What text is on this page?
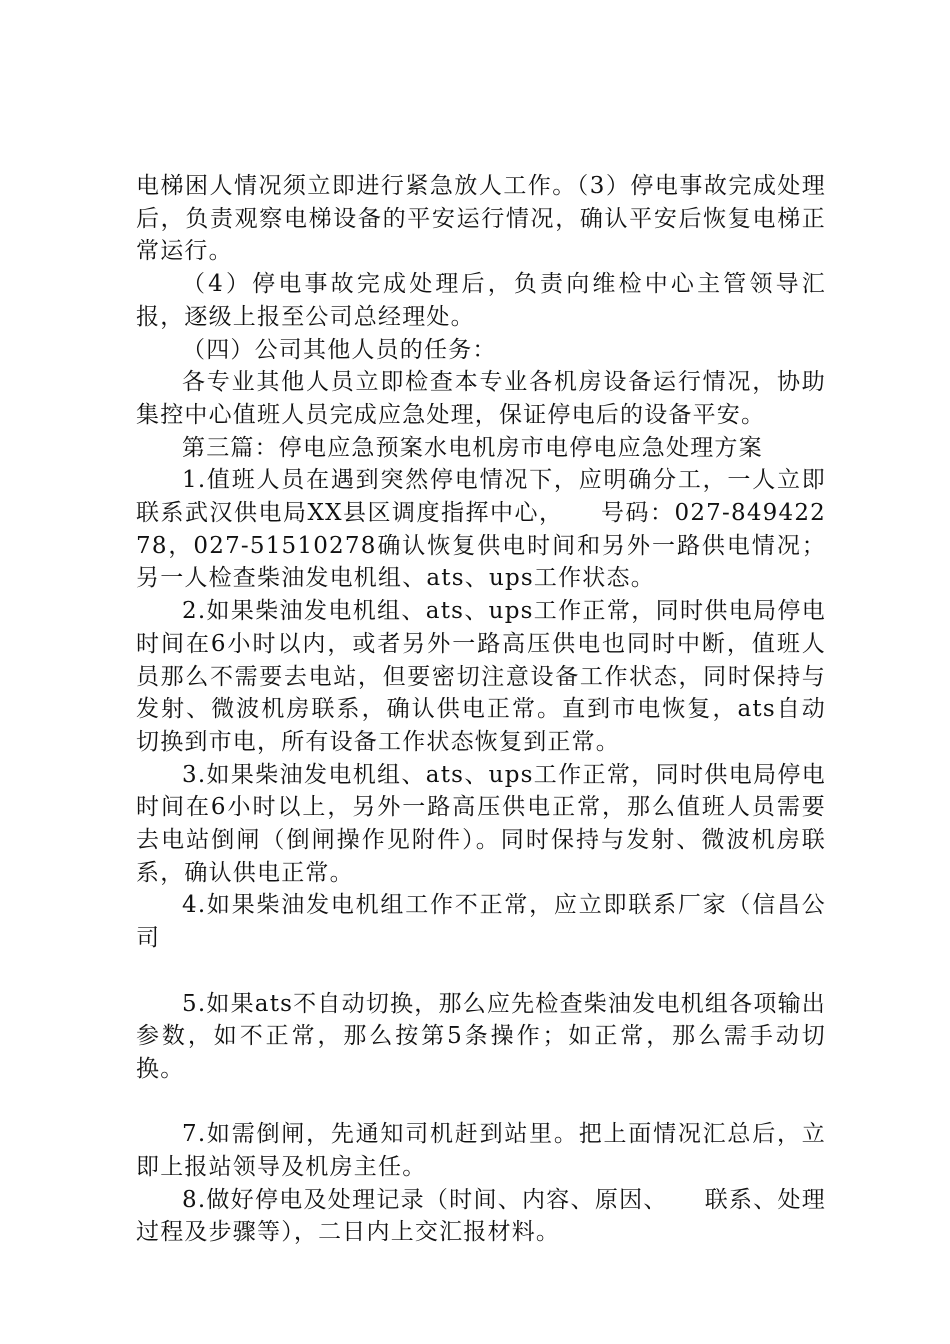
电梯困人情况须立即进行紧急放人工作。（3）停电事故完成处理后，负责观察电梯设备的平安运行情况，确认平安后恢复电梯正常运行。

（4）停电事故完成处理后，负责向维检中心主管领导汇报，逐级上报至公司总经理处。

（四）公司其他人员的任务：

各专业其他人员立即检查本专业各机房设备运行情况，协助集控中心值班人员完成应急处理，保证停电后的设备平安。

第三篇：停电应急预案水电机房市电停电应急处理方案

1.值班人员在遇到突然停电情况下，应明确分工，一人立即联系武汉供电局XX县区调度指挥中心，　　号码：027-84942278，027-51510278确认恢复供电时间和另外一路供电情况；另一人检查柴油发电机组、ats、ups工作状态。

2.如果柴油发电机组、ats、ups工作正常，同时供电局停电时间在6小时以内，或者另外一路高压供电也同时中断，值班人员那么不需要去电站，但要密切注意设备工作状态，同时保持与发射、微波机房联系，确认供电正常。直到市电恢复，ats自动切换到市电，所有设备工作状态恢复到正常。

3.如果柴油发电机组、ats、ups工作正常，同时供电局停电时间在6小时以上，另外一路高压供电正常，那么值班人员需要去电站倒闸（倒闸操作见附件）。同时保持与发射、微波机房联系，确认供电正常。

4.如果柴油发电机组工作不正常，应立即联系厂家（信昌公司

5.如果ats不自动切换，那么应先检查柴油发电机组各项输出参数，如不正常，那么按第5条操作；如正常，那么需手动切换。

7.如需倒闸，先通知司机赶到站里。把上面情况汇总后，立即上报站领导及机房主任。

8.做好停电及处理记录（时间、内容、原因、　　联系、处理过程及步骤等），二日内上交汇报材料。
